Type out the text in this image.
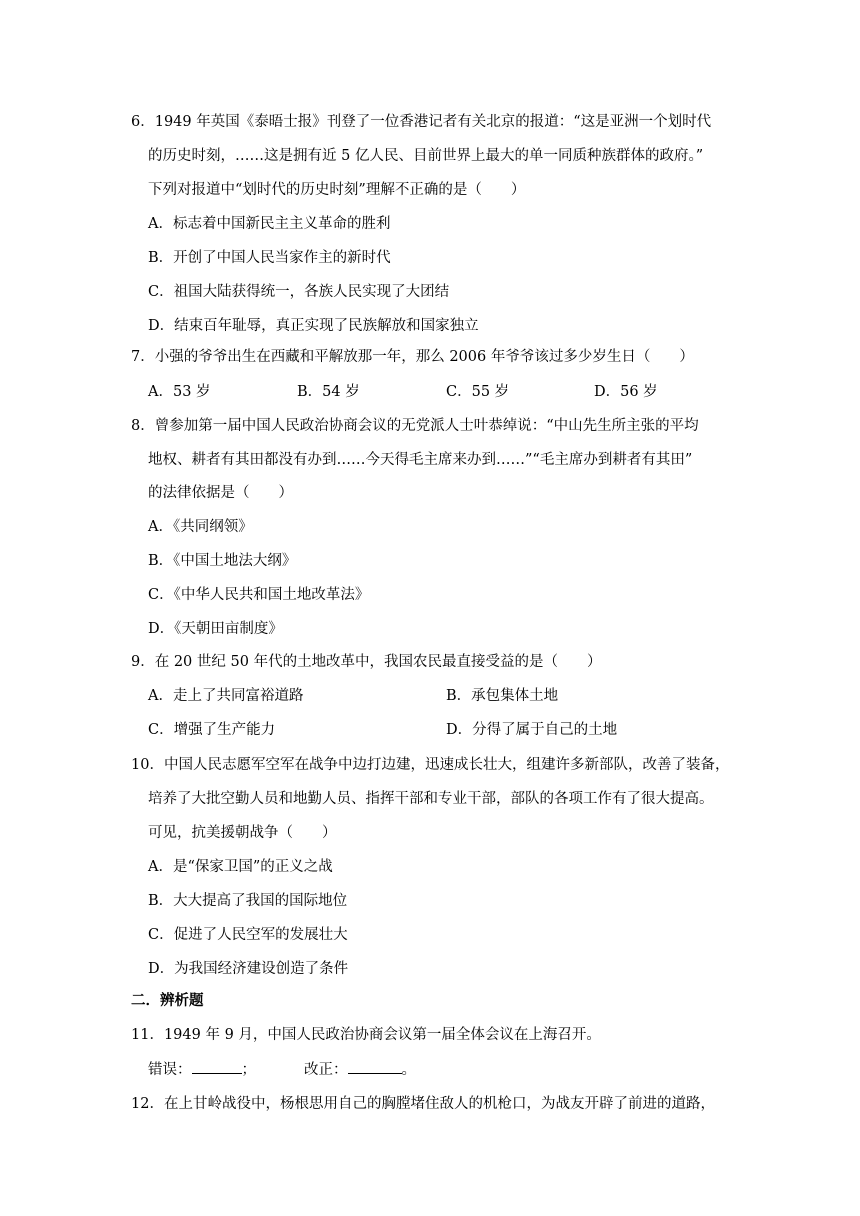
6．1949 年英国《泰晤士报》刊登了一位香港记者有关北京的报道：“这是亚洲一个划时代
的历史时刻，……这是拥有近 5 亿人民、目前世界上最大的单一同质种族群体的政府。”
下列对报道中“划时代的历史时刻”理解不正确的是（　　）
A．标志着中国新民主主义革命的胜利
B．开创了中国人民当家作主的新时代
C．祖国大陆获得统一，各族人民实现了大团结
D．结束百年耻辱，真正实现了民族解放和国家独立
7．小强的爷爷出生在西藏和平解放那一年，那么 2006 年爷爷该过多少岁生日（　　）
A．53 岁	B．54 岁	C．55 岁	D．56 岁
8．曾参加第一届中国人民政治协商会议的无党派人士叶恭绰说：“中山先生所主张的平均
地权、耕者有其田都没有办到……今天得毛主席来办到……”“毛主席办到耕者有其田”
的法律依据是（　　）
A．《共同纲领》
B．《中国土地法大纲》
C．《中华人民共和国土地改革法》
D．《天朝田亩制度》
9．在 20 世纪 50 年代的土地改革中，我国农民最直接受益的是（　　）
A．走上了共同富裕道路	B．承包集体土地
C．增强了生产能力	D．分得了属于自己的土地
10．中国人民志愿军空军在战争中边打边建，迅速成长壮大，组建许多新部队，改善了装备，
培养了大批空勤人员和地勤人员、指挥干部和专业干部，部队的各项工作有了很大提高。
可见，抗美援朝战争（　　）
A．是“保家卫国”的正义之战
B．大大提高了我国的国际地位
C．促进了人民空军的发展壮大
D．为我国经济建设创造了条件
二．辨析题
11．1949 年 9 月，中国人民政治协商会议第一届全体会议在上海召开。
错误：	；	改正：	。
12．在上甘岭战役中，杨根思用自己的胸膛堵住敌人的机枪口，为战友开辟了前进的道路，
